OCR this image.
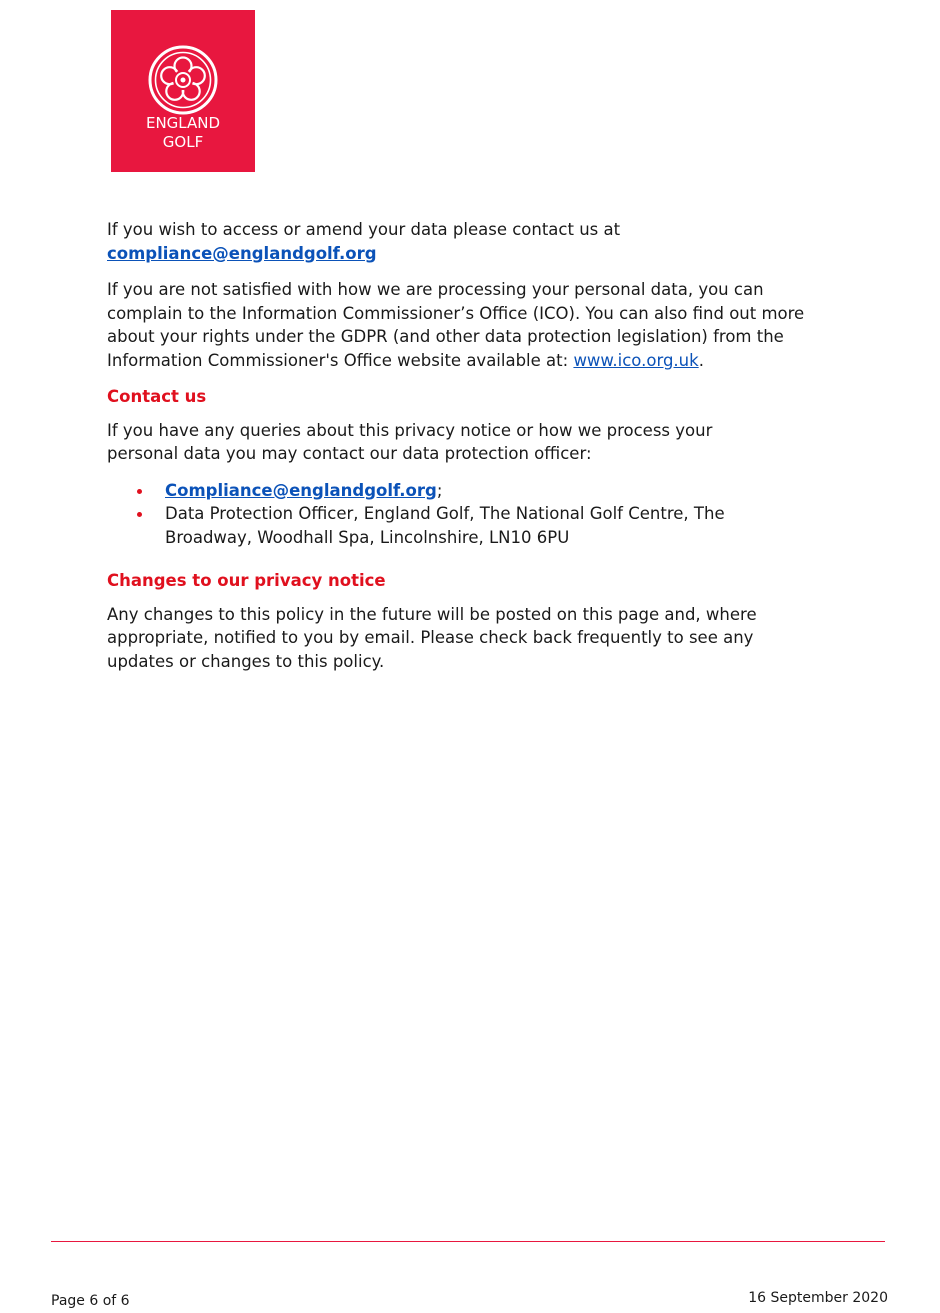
ENGLAND
GOLF

If you wish to access or amend your data please contact us at compliance@englandgolf.org

If you are not satisfied with how we are processing your personal data, you can complain to the Information Commissioner’s Office (ICO). You can also find out more about your rights under the GDPR (and other data protection legislation) from the Information Commissioner's Office website available at: www.ico.org.uk.

Contact us

If you have any queries about this privacy notice or how we process your personal data you may contact our data protection officer:

Compliance@englandgolf.org;
Data Protection Officer, England Golf, The National Golf Centre, The Broadway, Woodhall Spa, Lincolnshire, LN10 6PU
Changes to our privacy notice

Any changes to this policy in the future will be posted on this page and, where appropriate, notified to you by email. Please check back frequently to see any updates or changes to this policy.

Page 6 of 6	16 September 2020
